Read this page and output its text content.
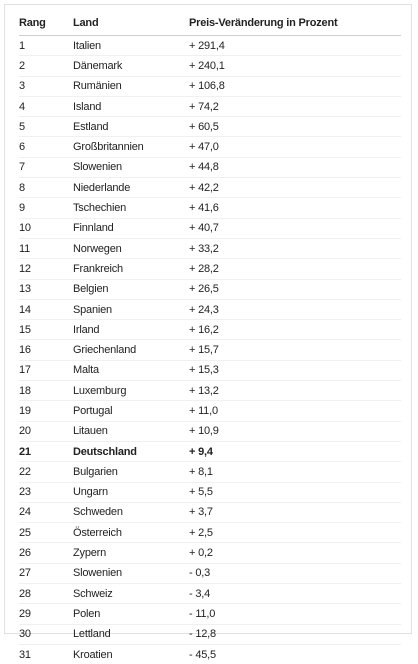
Rang	Land	Preis-Veränderung in Prozent
1	Italien	+ 291,4
2	Dänemark	+ 240,1
3	Rumänien	+ 106,8
4	Island	+ 74,2
5	Estland	+ 60,5
6	Großbritannien	+ 47,0
7	Slowenien	+ 44,8
8	Niederlande	+ 42,2
9	Tschechien	+ 41,6
10	Finnland	+ 40,7
11	Norwegen	+ 33,2
12	Frankreich	+ 28,2
13	Belgien	+ 26,5
14	Spanien	+ 24,3
15	Irland	+ 16,2
16	Griechenland	+ 15,7
17	Malta	+ 15,3
18	Luxemburg	+ 13,2
19	Portugal	+ 11,0
20	Litauen	+ 10,9
21	Deutschland	+ 9,4
22	Bulgarien	+ 8,1
23	Ungarn	+ 5,5
24	Schweden	+ 3,7
25	Österreich	+ 2,5
26	Zypern	+ 0,2
27	Slowenien	- 0,3
28	Schweiz	- 3,4
29	Polen	- 11,0
30	Lettland	- 12,8
31	Kroatien	- 45,5
